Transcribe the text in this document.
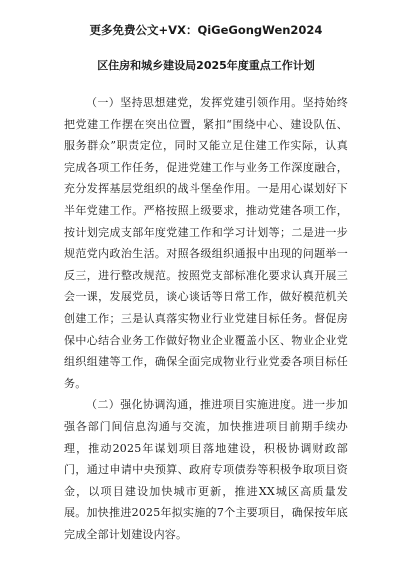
更多免费公文+VX：QiGeGongWen2024
区住房和城乡建设局2025年度重点工作计划

（一）坚持思想建党，发挥党建引领作用。坚持始终把党建工作摆在突出位置，紧扣“围绕中心、建设队伍、服务群众”职责定位，同时又能立足住建工作实际，认真完成各项工作任务，促进党建工作与业务工作深度融合，充分发挥基层党组织的战斗堡垒作用。一是用心谋划好下半年党建工作。严格按照上级要求，推动党建各项工作，按计划完成支部年度党建工作和学习计划等；二是进一步规范党内政治生活。对照各级组织通报中出现的问题举一反三，进行整改规范。按照党支部标准化要求认真开展三会一课，发展党员，谈心谈话等日常工作，做好模范机关创建工作；三是认真落实物业行业党建目标任务。督促房保中心结合业务工作做好物业企业覆盖小区、物业企业党组织组建等工作，确保全面完成物业行业党委各项目标任务。

（二）强化协调沟通，推进项目实施进度。进一步加强各部门间信息沟通与交流，加快推进项目前期手续办理，推动2025年谋划项目落地建设，积极协调财政部门，通过申请中央预算、政府专项债券等积极争取项目资金，以项目建设加快城市更新，推进XX城区高质量发展。加快推进2025年拟实施的7个主要项目，确保按年底完成全部计划建设内容。
